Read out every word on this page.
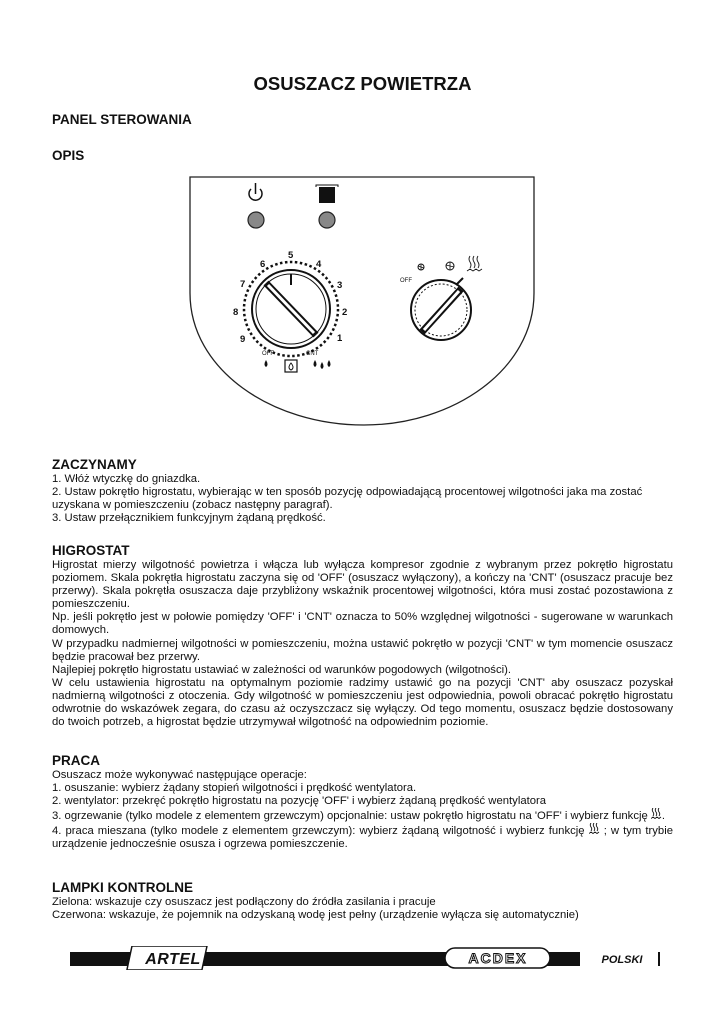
OSUSZACZ POWIETRZA
PANEL STEROWANIA
OPIS
1
2
3
4
5
6
7
8
9
OFF	CNT
OFF
ZACZYNAMY

1. Włóż wtyczkę do gniazdka.

2. Ustaw pokrętło higrostatu, wybierając w ten sposób pozycję odpowiadającą procentowej wilgotności jaka ma zostać uzyskana w pomieszczeniu (zobacz następny paragraf).

3. Ustaw przełącznikiem funkcyjnym żądaną prędkość.

HIGROSTAT

Higrostat mierzy wilgotność powietrza i włącza lub wyłącza kompresor zgodnie z wybranym przez pokrętło higrostatu poziomem. Skala pokrętła higrostatu zaczyna się od 'OFF' (osuszacz wyłączony), a kończy na 'CNT' (osuszacz pracuje bez przerwy). Skala pokrętła osuszacza daje przybliżony wskaźnik procentowej wilgotności, która musi zostać pozostawiona z pomieszczeniu.

Np. jeśli pokrętło jest w połowie pomiędzy 'OFF' i 'CNT' oznacza to 50% względnej wilgotności - sugerowane w warunkach domowych.

W przypadku nadmiernej wilgotności w pomieszczeniu, można ustawić pokrętło w pozycji 'CNT' w tym momencie osuszacz będzie pracował bez przerwy.

Najlepiej pokrętło higrostatu ustawiać w zależności od warunków pogodowych (wilgotności).

W celu ustawienia higrostatu na optymalnym poziomie radzimy ustawić go na pozycji 'CNT' aby osuszacz pozyskał nadmierną wilgotności z otoczenia. Gdy wilgotność w pomieszczeniu jest odpowiednia, powoli obracać pokrętło higrostatu odwrotnie do wskazówek zegara, do czasu aż oczyszczacz się wyłączy. Od tego momentu, osuszacz będzie dostosowany do twoich potrzeb, a higrostat będzie utrzymywał wilgotność na odpowiednim poziomie.

PRACA

Osuszacz może wykonywać następujące operacje:

1. osuszanie: wybierz żądany stopień wilgotności i prędkość wentylatora.

2. wentylator: przekręć pokrętło higrostatu na pozycję 'OFF' i wybierz żądaną prędkość wentylatora

3. ogrzewanie (tylko modele z elementem grzewczym) opcjonalnie: ustaw pokrętło higrostatu na 'OFF' i wybierz funkcję .

4. praca mieszana (tylko modele z elementem grzewczym): wybierz żądaną wilgotność i wybierz funkcję ; w tym trybie urządzenie jednocześnie osusza i ogrzewa pomieszczenie.

LAMPKI KONTROLNE

Zielona: wskazuje czy osuszacz jest podłączony do źródła zasilania i pracuje

Czerwona: wskazuje, że pojemnik na odzyskaną wodę jest pełny (urządzenie wyłącza się automatycznie)

ARTEL	ACDEX	POLSKI
